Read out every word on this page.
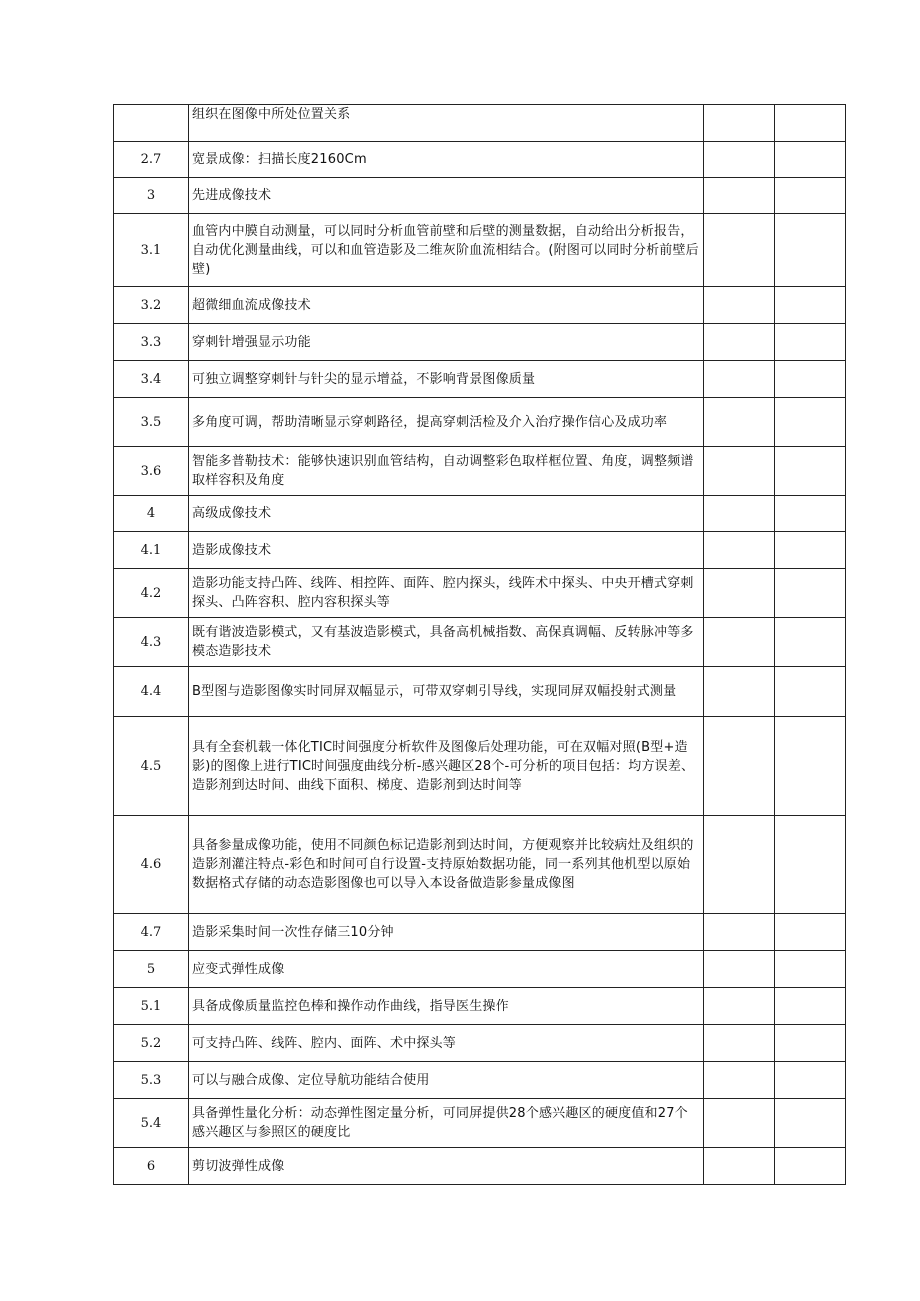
	组织在图像中所处位置关系		
2.7	宽景成像：扫描长度2160Cm		
3	先进成像技术		
3.1	血管内中膜自动测量，可以同时分析血管前壁和后壁的测量数据，自动给出分析报告，自动优化测量曲线，可以和血管造影及二维灰阶血流相结合。(附图可以同时分析前壁后壁)		
3.2	超微细血流成像技术		
3.3	穿刺针增强显示功能		
3.4	可独立调整穿刺针与针尖的显示增益，不影响背景图像质量		
3.5	多角度可调，帮助清晰显示穿刺路径，提高穿刺活检及介入治疗操作信心及成功率		
3.6	智能多普勒技术：能够快速识别血管结构，自动调整彩色取样框位置、角度，调整频谱取样容积及角度		
4	高级成像技术		
4.1	造影成像技术		
4.2	造影功能支持凸阵、线阵、相控阵、面阵、腔内探头，线阵术中探头、中央开槽式穿刺探头、凸阵容积、腔内容积探头等		
4.3	既有谐波造影模式，又有基波造影模式，具备高机械指数、高保真调幅、反转脉冲等多模态造影技术		
4.4	B型图与造影图像实时同屏双幅显示，可带双穿刺引导线，实现同屏双幅投射式测量		
4.5	具有全套机载一体化TIC时间强度分析软件及图像后处理功能，可在双幅对照(B型+造影)的图像上进行TIC时间强度曲线分析-感兴趣区28个-可分析的项目包括：均方误差、造影剂到达时间、曲线下面积、梯度、造影剂到达时间等		
4.6	具备参量成像功能，使用不同颜色标记造影剂到达时间，方便观察并比较病灶及组织的造影剂灌注特点-彩色和时间可自行设置-支持原始数据功能，同一系列其他机型以原始数据格式存储的动态造影图像也可以导入本设备做造影参量成像图		
4.7	造影采集时间一次性存储三10分钟		
5	应变式弹性成像		
5.1	具备成像质量监控色棒和操作动作曲线，指导医生操作		
5.2	可支持凸阵、线阵、腔内、面阵、术中探头等		
5.3	可以与融合成像、定位导航功能结合使用		
5.4	具备弹性量化分析：动态弹性图定量分析，可同屏提供28个感兴趣区的硬度值和27个感兴趣区与参照区的硬度比		
6	剪切波弹性成像		
